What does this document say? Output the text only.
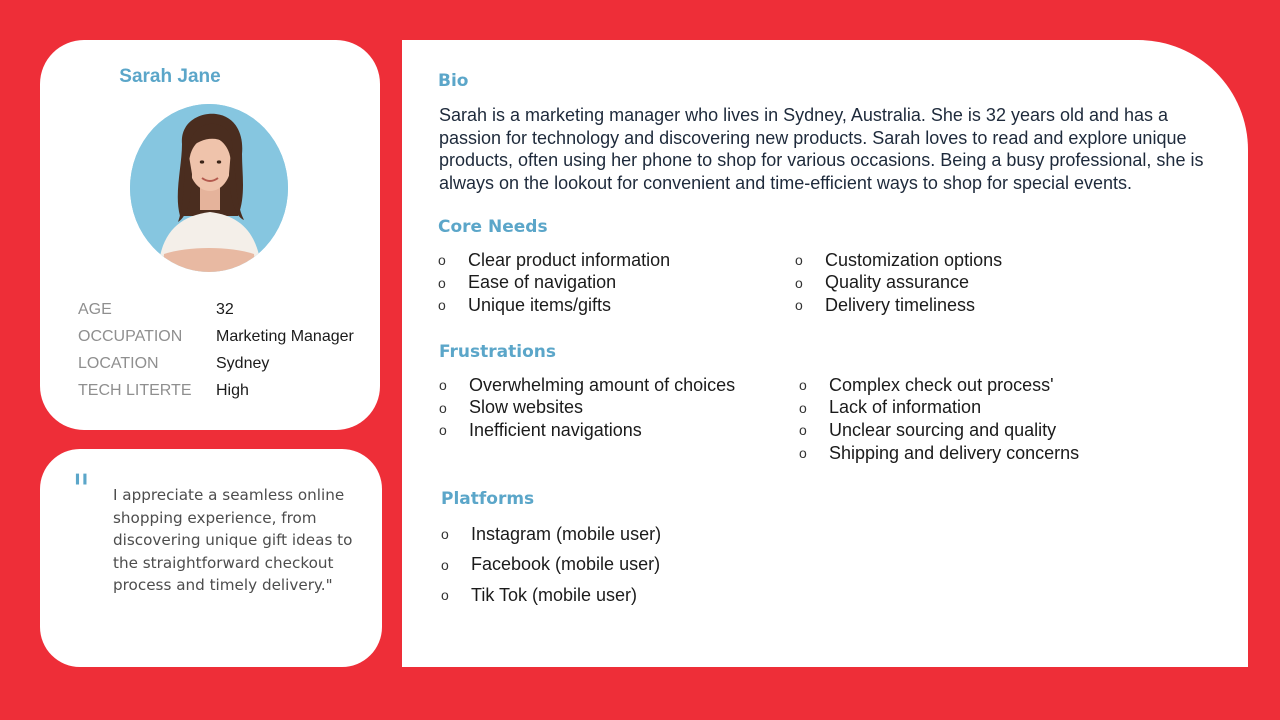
Sarah Jane
AGE	32
OCCUPATION	Marketing Manager
LOCATION	Sydney
TECH LITERTE	High
" I appreciate a seamless online shopping experience, from discovering unique gift ideas to the straightforward checkout process and timely delivery."
Bio
Sarah is a marketing manager who lives in Sydney, Australia. She is 32 years old and has a passion for technology and discovering new products. Sarah loves to read and explore unique products, often using her phone to shop for various occasions. Being a busy professional, she is always on the lookout for convenient and time-efficient ways to shop for special events.
Core Needs
o	Clear product information
o	Ease of navigation
o	Unique items/gifts
o	Customization options
o	Quality assurance
o	Delivery timeliness
Frustrations
o	Overwhelming amount of choices
o	Slow websites
o	Inefficient navigations
o	Complex check out process'
o	Lack of information
o	Unclear sourcing and quality
o	Shipping and delivery concerns
Platforms
o	Instagram (mobile user)
o	Facebook (mobile user)
o	Tik Tok (mobile user)
